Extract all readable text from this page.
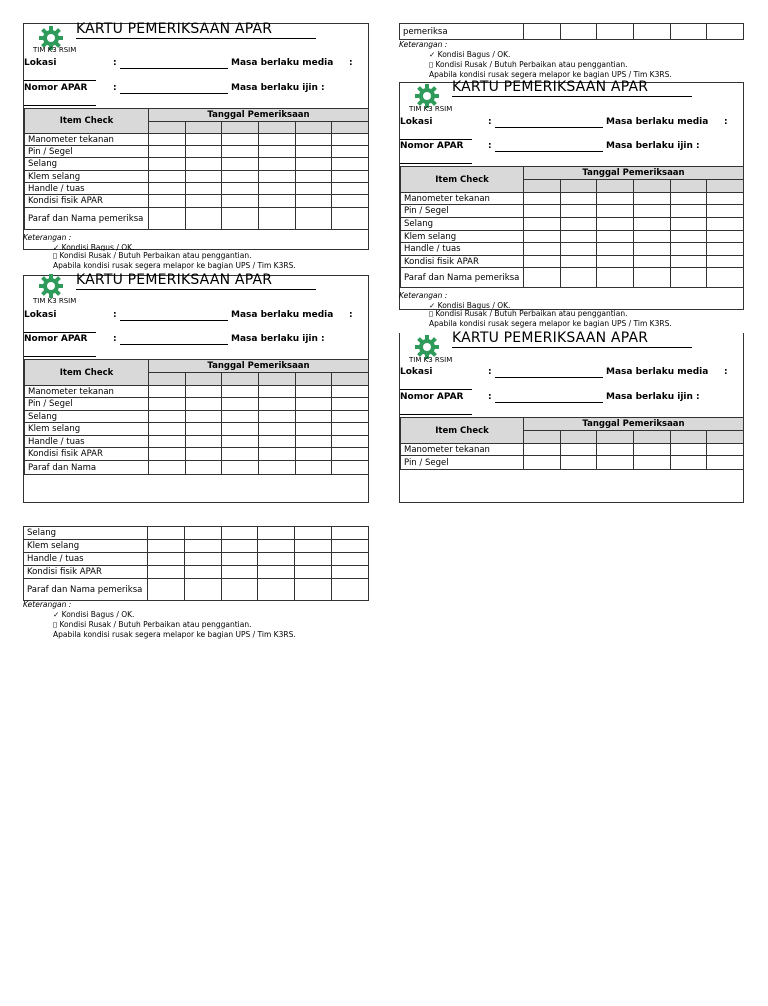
TIM K3 RSIM
KARTU PEMERIKSAAN APAR
Lokasi	:	Masa berlaku media :
Nomor APAR	:	Masa berlaku ijin :
Item Check	Tanggal Pemeriksaan					

Manometer tekanan						
Pin / Segel						
Selang						
Klem selang						
Handle / tuas						
Kondisi fisik APAR						
Paraf dan Nama pemeriksa						
Keterangan :
✓ Kondisi Bagus / OK.
▯ Kondisi Rusak / Butuh Perbaikan atau penggantian.
Apabila kondisi rusak segera melapor ke bagian UPS / Tim K3RS.
TIM K3 RSIM
KARTU PEMERIKSAAN APAR
Lokasi	:	Masa berlaku media :
Nomor APAR	:	Masa berlaku ijin :
Item Check	Tanggal Pemeriksaan					

Manometer tekanan						
Pin / Segel						
Selang						
Klem selang						
Handle / tuas						
Kondisi fisik APAR						
Paraf dan Nama						
Selang						
Klem selang						
Handle / tuas						
Kondisi fisik APAR						
Paraf dan Nama pemeriksa						
Keterangan :
✓ Kondisi Bagus / OK.
▯ Kondisi Rusak / Butuh Perbaikan atau penggantian.
Apabila kondisi rusak segera melapor ke bagian UPS / Tim K3RS.
pemeriksa						
Keterangan :
✓ Kondisi Bagus / OK.
▯ Kondisi Rusak / Butuh Perbaikan atau penggantian.
Apabila kondisi rusak segera melapor ke bagian UPS / Tim K3RS.
TIM K3 RSIM
KARTU PEMERIKSAAN APAR
Lokasi	:	Masa berlaku media :
Nomor APAR	:	Masa berlaku ijin :
Item Check	Tanggal Pemeriksaan					

Manometer tekanan						
Pin / Segel						
Selang						
Klem selang						
Handle / tuas						
Kondisi fisik APAR						
Paraf dan Nama pemeriksa						
Keterangan :
✓ Kondisi Bagus / OK.
▯ Kondisi Rusak / Butuh Perbaikan atau penggantian.
Apabila kondisi rusak segera melapor ke bagian UPS / Tim K3RS.
TIM K3 RSIM
KARTU PEMERIKSAAN APAR
Lokasi	:	Masa berlaku media :
Nomor APAR	:	Masa berlaku ijin :
Item Check	Tanggal Pemeriksaan					

Manometer tekanan						
Pin / Segel						
